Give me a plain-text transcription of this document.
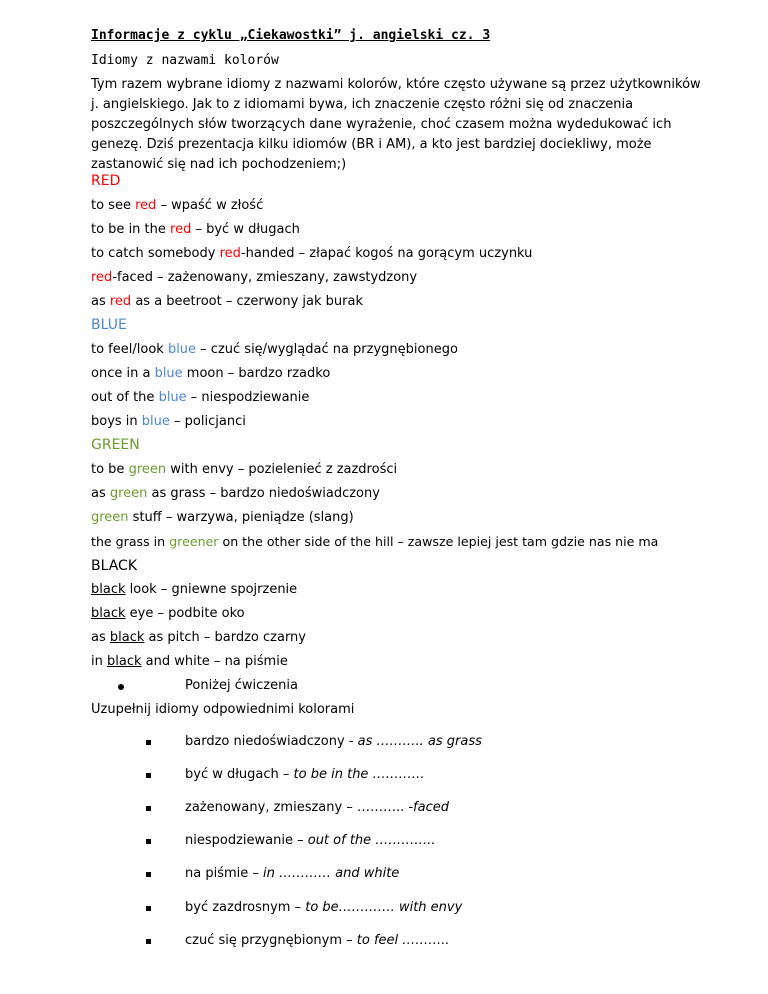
Informacje z cyklu „Ciekawostki” j. angielski cz. 3
Idiomy z nazwami kolorów
Tym razem wybrane idiomy z nazwami kolorów, które często używane są przez użytkowników j. angielskiego. Jak to z idiomami bywa, ich znaczenie często różni się od znaczenia poszczególnych słów tworzących dane wyrażenie, choć czasem można wydedukować ich genezę. Dziś prezentacja kilku idiomów (BR i AM), a kto jest bardziej dociekliwy, może zastanowić się nad ich pochodzeniem;)
RED
to see red – wpaść w złość
to be in the red – być w długach
to catch somebody red-handed – złapać kogoś na gorącym uczynku
red-faced – zażenowany, zmieszany, zawstydzony
as red as a beetroot – czerwony jak burak
BLUE
to feel/look blue – czuć się/wyglądać na przygnębionego
once in a blue moon – bardzo rzadko
out of the blue – niespodziewanie
boys in blue – policjanci
GREEN
to be green with envy – pozielenieć z zazdrości
as green as grass – bardzo niedoświadczony
green stuff – warzywa, pieniądze (slang)
the grass in greener on the other side of the hill – zawsze lepiej jest tam gdzie nas nie ma
BLACK
black look – gniewne spojrzenie
black eye – podbite oko
as black as pitch – bardzo czarny
in black and white – na piśmie
Poniżej ćwiczenia
Uzupełnij idiomy odpowiednimi kolorami
bardzo niedoświadczony - as ……….. as grass
być w długach – to be in the …………
zażenowany, zmieszany – ……….. -faced
niespodziewanie – out of the …………..
na piśmie – in ………… and white
być zazdrosnym – to be…………. with envy
czuć się przygnębionym – to feel ………..
